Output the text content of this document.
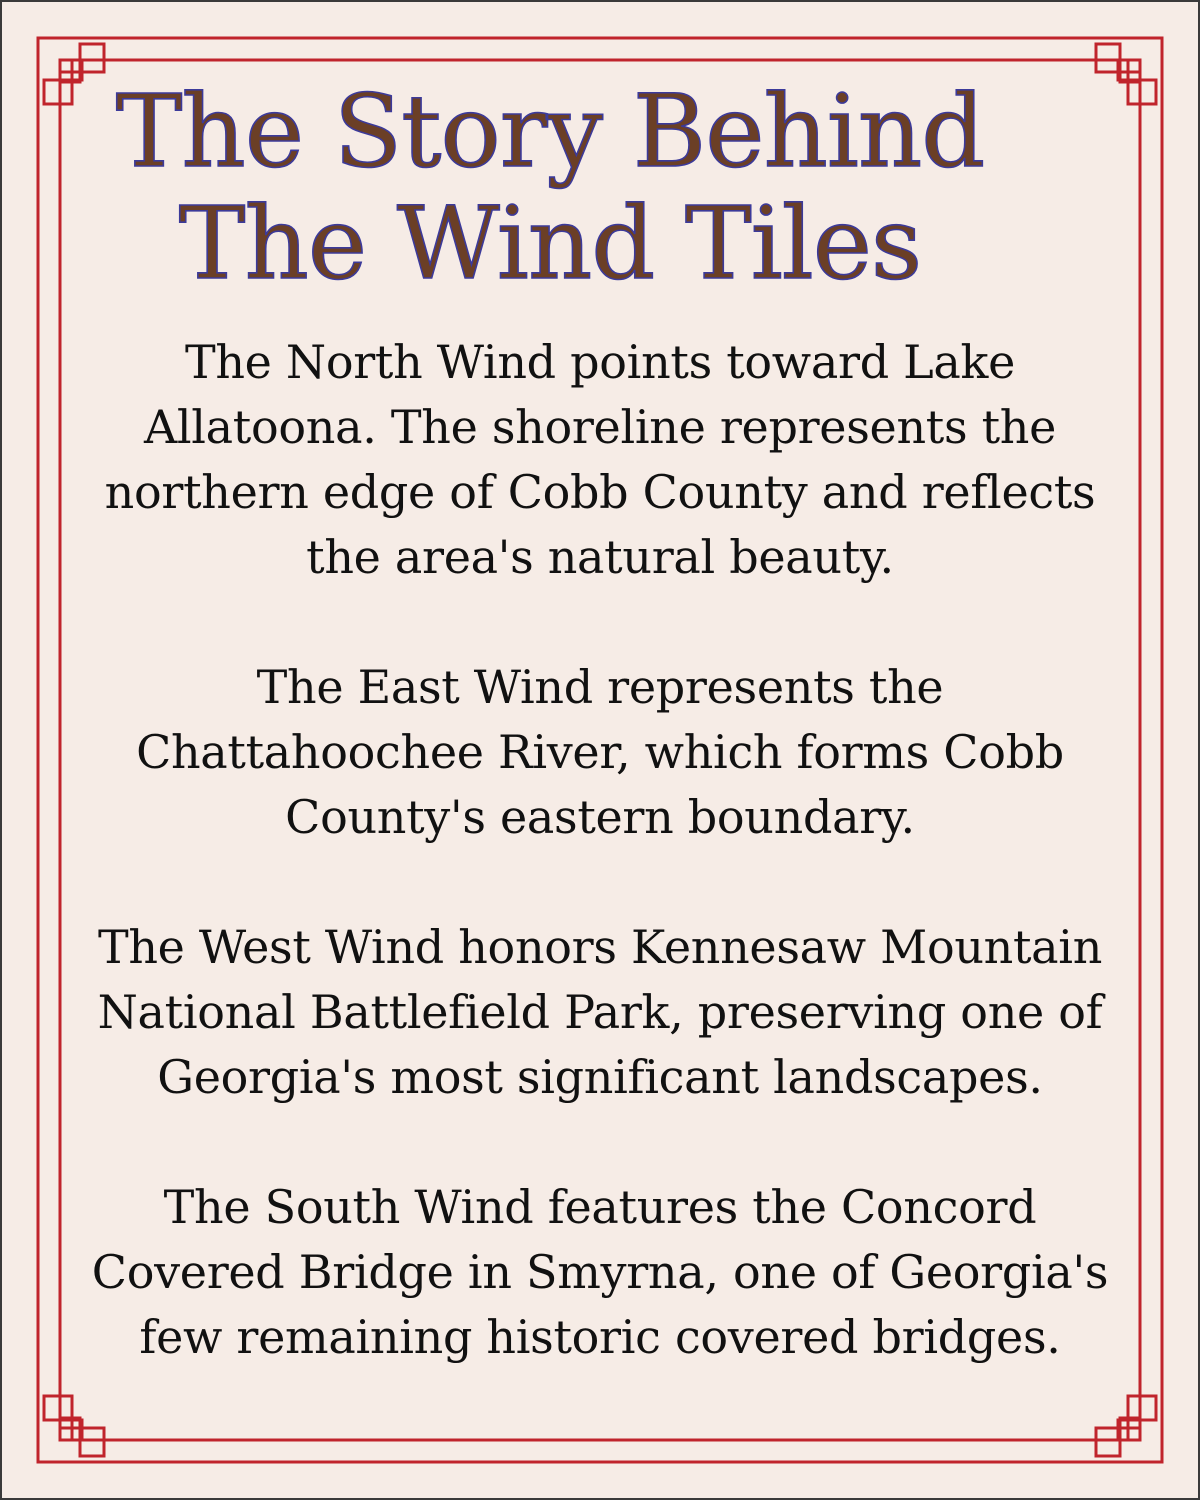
The Story Behind
The Wind Tiles

The North Wind points toward Lake
Allatoona. The shoreline represents the
northern edge of Cobb County and reflects
the area's natural beauty.

The East Wind represents the
Chattahoochee River, which forms Cobb
County's eastern boundary.

The West Wind honors Kennesaw Mountain
National Battlefield Park, preserving one of
Georgia's most significant landscapes.

The South Wind features the Concord
Covered Bridge in Smyrna, one of Georgia's
few remaining historic covered bridges.
